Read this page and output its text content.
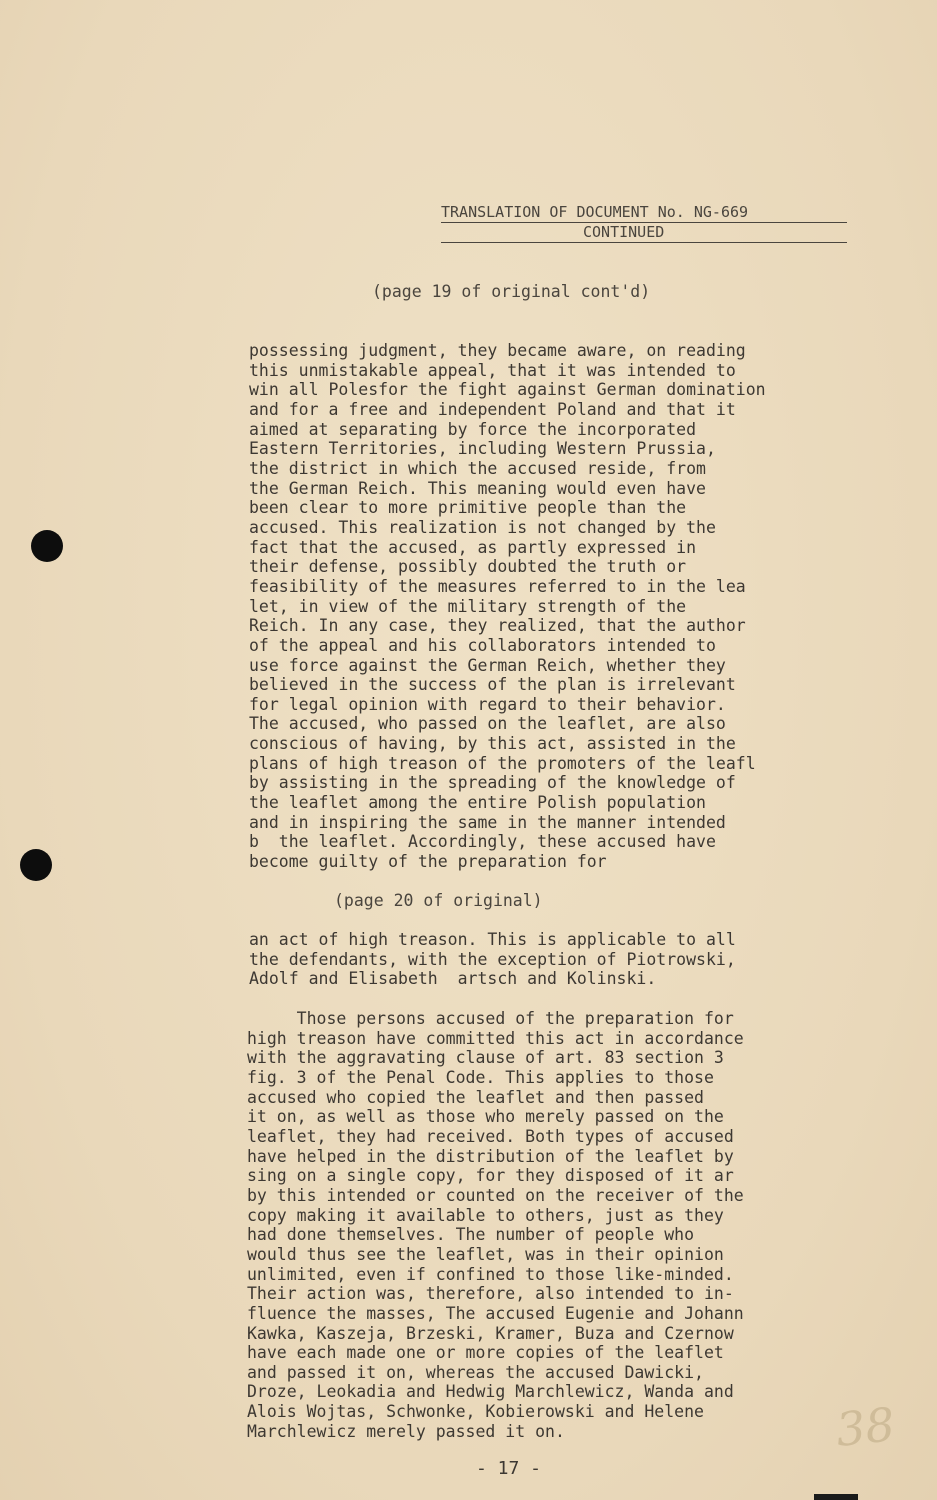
TRANSLATION OF DOCUMENT No. NG-669
CONTINUED
(page 19 of original cont'd)
possessing judgment, they became aware, on reading
this unmistakable appeal, that it was intended to
win all Polesfor the fight against German domination
and for a free and independent Poland and that it
aimed at separating by force the incorporated
Eastern Territories, including Western Prussia,
the district in which the accused reside, from
the German Reich. This meaning would even have
been clear to more primitive people than the
accused. This realization is not changed by the
fact that the accused, as partly expressed in
their defense, possibly doubted the truth or
feasibility of the measures referred to in the lea
let, in view of the military strength of the
Reich. In any case, they realized, that the author
of the appeal and his collaborators intended to
use force against the German Reich, whether they
believed in the success of the plan is irrelevant
for legal opinion with regard to their behavior.
The accused, who passed on the leaflet, are also
conscious of having, by this act, assisted in the
plans of high treason of the promoters of the leafl
by assisting in the spreading of the knowledge of
the leaflet among the entire Polish population
and in inspiring the same in the manner intended
b  the leaflet. Accordingly, these accused have
become guilty of the preparation for
(page 20 of original)
an act of high treason. This is applicable to all
the defendants, with the exception of Piotrowski,
Adolf and Elisabeth  artsch and Kolinski.
Those persons accused of the preparation for
high treason have committed this act in accordance
with the aggravating clause of art. 83 section 3
fig. 3 of the Penal Code. This applies to those
accused who copied the leaflet and then passed
it on, as well as those who merely passed on the
leaflet, they had received. Both types of accused
have helped in the distribution of the leaflet by
sing on a single copy, for they disposed of it ar
by this intended or counted on the receiver of the
copy making it available to others, just as they
had done themselves. The number of people who
would thus see the leaflet, was in their opinion
unlimited, even if confined to those like-minded.
Their action was, therefore, also intended to in-
fluence the masses, The accused Eugenie and Johann
Kawka, Kaszeja, Brzeski, Kramer, Buza and Czernow
have each made one or more copies of the leaflet
and passed it on, whereas the accused Dawicki,
Droze, Leokadia and Hedwig Marchlewicz, Wanda and
Alois Wojtas, Schwonke, Kobierowski and Helene
Marchlewicz merely passed it on.	38
- 17 -
